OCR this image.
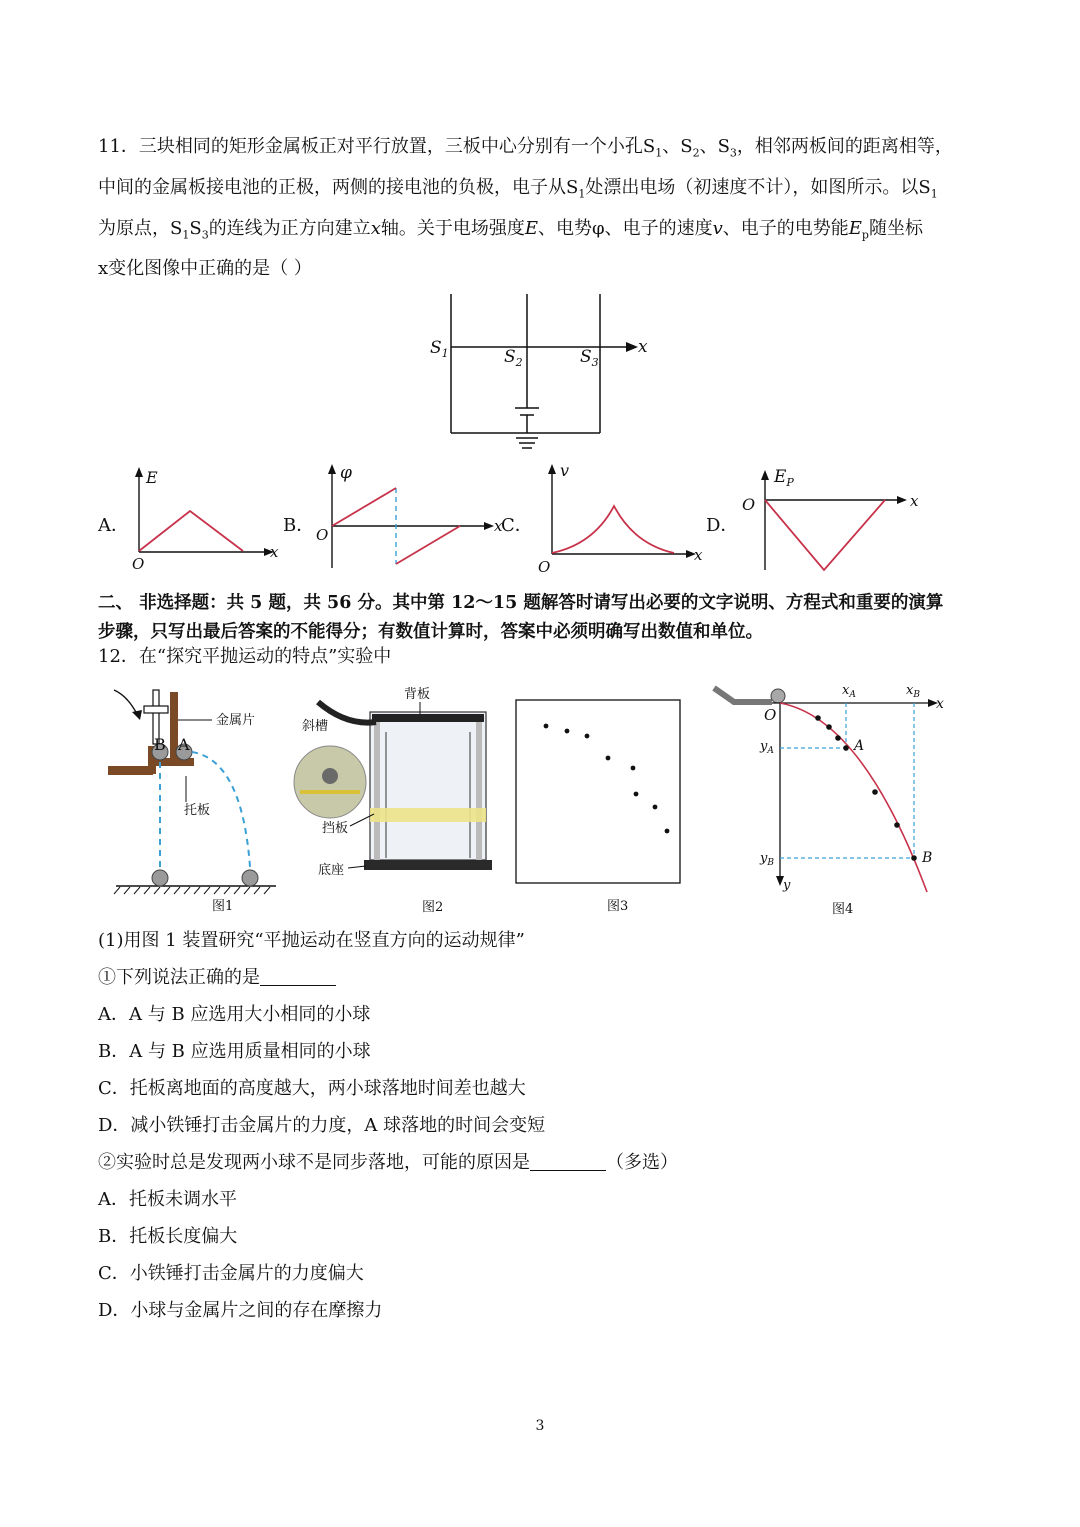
11．三块相同的矩形金属板正对平行放置，三板中心分别有一个小孔$S_1$、$S_2$、$S_3$，相邻两板间的距离相等，
中间的金属板接电池的正极，两侧的接电池的负极，电子从$S_1$处漂出电场（初速度不计），如图所示。以$S_1$
为原点，$S_1S_3$的连线为正方向建立x轴。关于电场强度E、电势φ、电子的速度v、电子的电势能$E_p$随坐标
x变化图像中正确的是（ ）
$S_1$	$S_2$	$S_3$
x
A．
E
x
O
B．
φ
x
O	C．
v
x
O
D．
$E_P$
x
O
二、 非选择题：共 5 题，共 56 分。其中第 12～15 题解答时请写出必要的文字说明、方程式和重要的演算
步骤，只写出最后答案的不能得分；有数值计算时，答案中必须明确写出数值和单位。
12．在“探究平抛运动的特点”实验中
金属片
托板
B A
图1
背板
斜槽
挡板
底座
图2	图3
O
$x_A$	$x_B$
x
$y_A$
$y_B$
y
A
B
图4
(1)用图 1 装置研究“平抛运动在竖直方向的运动规律”
①下列说法正确的是
A．A 与 B 应选用大小相同的小球
B．A 与 B 应选用质量相同的小球
C．托板离地面的高度越大，两小球落地时间差也越大
D．减小铁锤打击金属片的力度，A 球落地的时间会变短
②实验时总是发现两小球不是同步落地，可能的原因是	（多选）
A．托板未调水平
B．托板长度偏大
C．小铁锤打击金属片的力度偏大
D．小球与金属片之间的存在摩擦力
3
